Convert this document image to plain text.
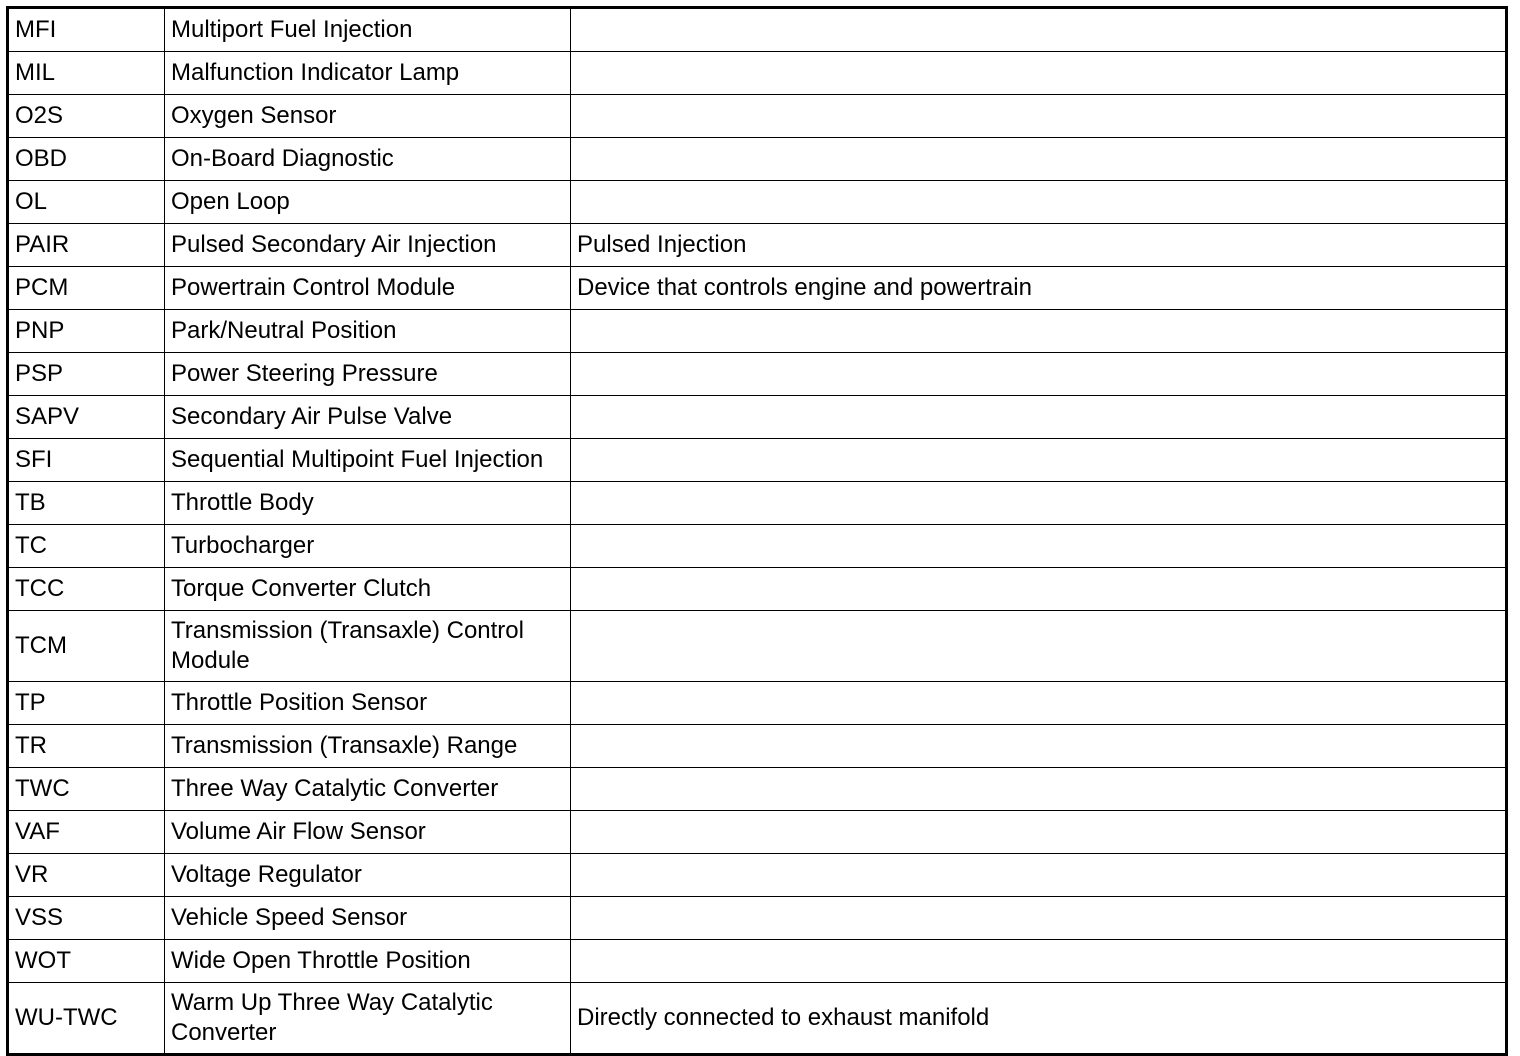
MFI	Multiport Fuel Injection	
MIL	Malfunction Indicator Lamp	
O2S	Oxygen Sensor	
OBD	On-Board Diagnostic	
OL	Open Loop	
PAIR	Pulsed Secondary Air Injection	Pulsed Injection
PCM	Powertrain Control Module	Device that controls engine and powertrain
PNP	Park/Neutral Position	
PSP	Power Steering Pressure	
SAPV	Secondary Air Pulse Valve	
SFI	Sequential Multipoint Fuel Injection	
TB	Throttle Body	
TC	Turbocharger	
TCC	Torque Converter Clutch	
TCM	Transmission (Transaxle) Control Module	
TP	Throttle Position Sensor	
TR	Transmission (Transaxle) Range	
TWC	Three Way Catalytic Converter	
VAF	Volume Air Flow Sensor	
VR	Voltage Regulator	
VSS	Vehicle Speed Sensor	
WOT	Wide Open Throttle Position	
WU-TWC	Warm Up Three Way Catalytic Converter	Directly connected to exhaust manifold
